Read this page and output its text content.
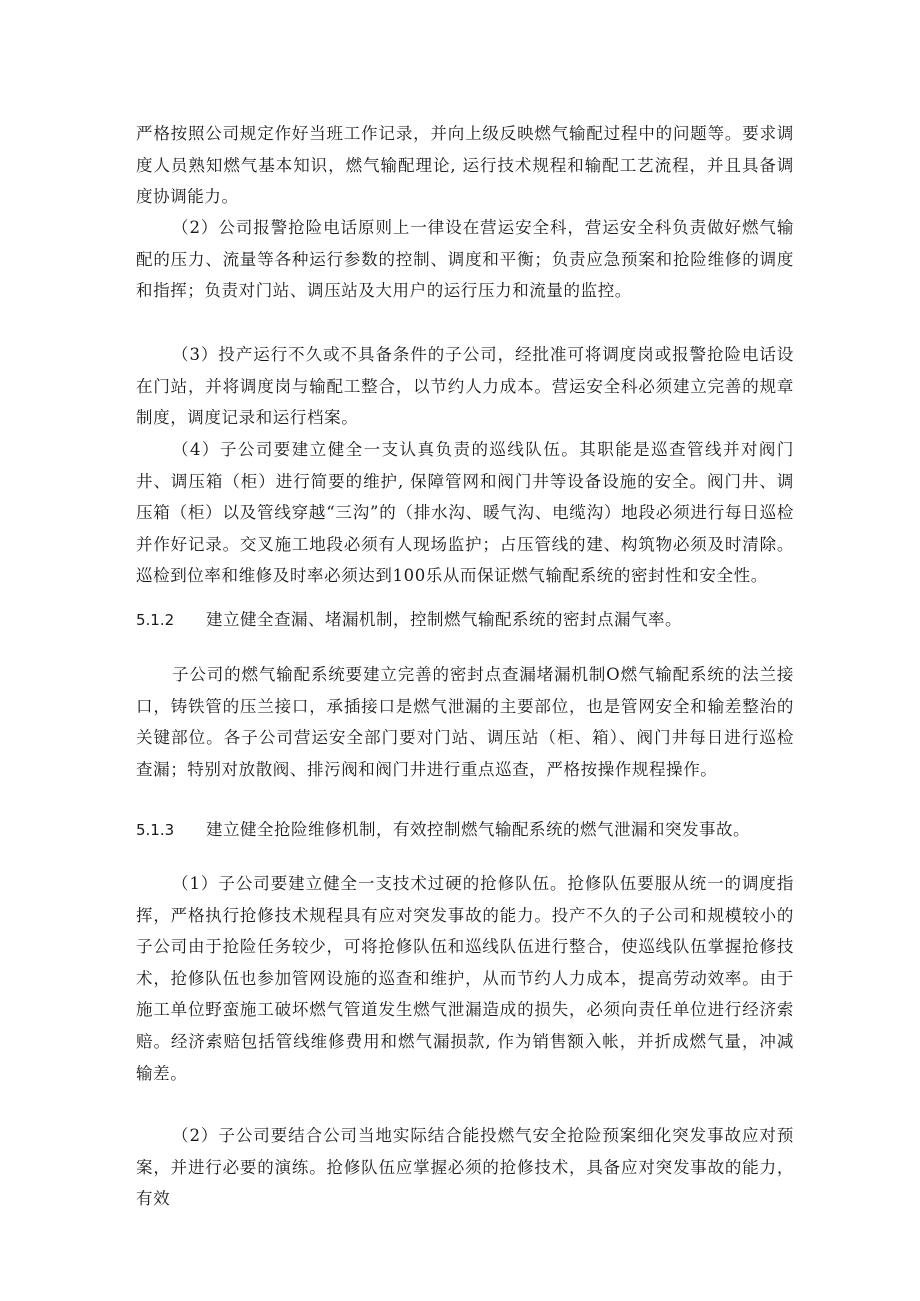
严格按照公司规定作好当班工作记录，并向上级反映燃气输配过程中的问题等。要求调度人员熟知燃气基本知识，燃气输配理论, 运行技术规程和输配工艺流程，并且具备调度协调能力。

（2）公司报警抢险电话原则上一律设在营运安全科，营运安全科负责做好燃气输配的压力、流量等各种运行参数的控制、调度和平衡；负责应急预案和抢险维修的调度和指挥；负责对门站、调压站及大用户的运行压力和流量的监控。

（3）投产运行不久或不具备条件的子公司，经批准可将调度岗或报警抢险电话设在门站，并将调度岗与输配工整合，以节约人力成本。营运安全科必须建立完善的规章制度，调度记录和运行档案。

（4）子公司要建立健全一支认真负责的巡线队伍。其职能是巡查管线并对阀门井、调压箱（柜）进行简要的维护, 保障管网和阀门井等设备设施的安全。阀门井、调压箱（柜）以及管线穿越“三沟”的（排水沟、暖气沟、电缆沟）地段必须进行每日巡检并作好记录。交叉施工地段必须有人现场监护；占压管线的建、构筑物必须及时清除。巡检到位率和维修及时率必须达到100乐从而保证燃气输配系统的密封性和安全性。

5.1.2 建立健全查漏、堵漏机制，控制燃气输配系统的密封点漏气率。

子公司的燃气输配系统要建立完善的密封点查漏堵漏机制O燃气输配系统的法兰接口，铸铁管的压兰接口，承插接口是燃气泄漏的主要部位，也是管网安全和输差整治的关键部位。各子公司营运安全部门要对门站、调压站（柜、箱）、阀门井每日进行巡检查漏；特别对放散阀、排污阀和阀门井进行重点巡查，严格按操作规程操作。

5.1.3 建立健全抢险维修机制，有效控制燃气输配系统的燃气泄漏和突发事故。

（1）子公司要建立健全一支技术过硬的抢修队伍。抢修队伍要服从统一的调度指挥，严格执行抢修技术规程具有应对突发事故的能力。投产不久的子公司和规模较小的子公司由于抢险任务较少，可将抢修队伍和巡线队伍进行整合，使巡线队伍掌握抢修技术，抢修队伍也参加管网设施的巡查和维护，从而节约人力成本，提高劳动效率。由于施工单位野蛮施工破坏燃气管道发生燃气泄漏造成的损失，必须向责任单位进行经济索赔。经济索赔包括管线维修费用和燃气漏损款, 作为销售额入帐，并折成燃气量，冲减输差。

（2）子公司要结合公司当地实际结合能投燃气安全抢险预案细化突发事故应对预案，并进行必要的演练。抢修队伍应掌握必须的抢修技术，具备应对突发事故的能力，有效
